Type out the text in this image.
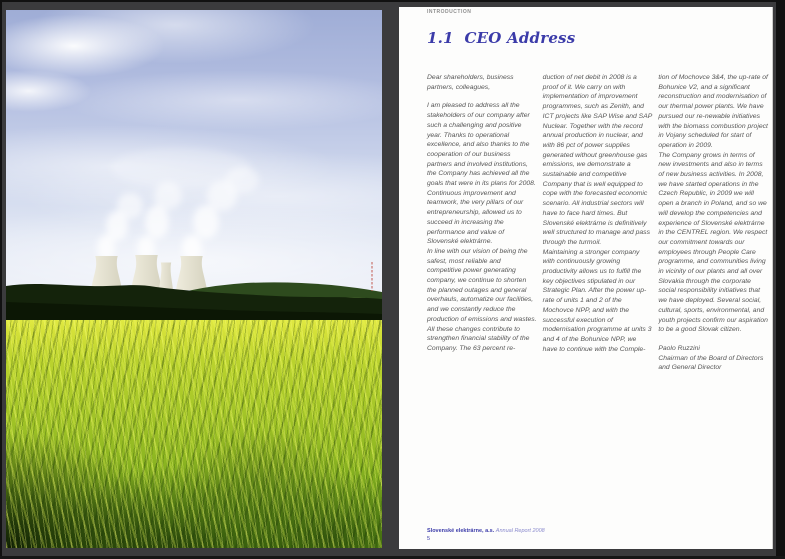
INTRODUCTION
1.1  CEO Address

Dear shareholders, business partners, colleagues,

I am pleased to address all the stakeholders of our company after such a challenging and positive year. Thanks to operational excellence, and also thanks to the cooperation of our business partners and involved institutions, the Company has achieved all the goals that were in its plans for 2008. Continuous improvement and teamwork, the very pillars of our entrepreneurship, allowed us to succeed in increasing the performance and value of Slovenské elektrárne.

In line with our vision of being the safest, most reliable and competitive power generating company, we continue to shorten the planned outages and general overhauls, automatize our facilities, and we constantly reduce the production of emissions and wastes. All these changes contribute to strengthen financial stability of the Company. The 63 percent re-

duction of net debit in 2008 is a proof of it. We carry on with implementation of improvement programmes, such as Zenith, and ICT projects like SAP Wise and SAP Nuclear. Together with the record annual production in nuclear, and with 86 pct of power supplies generated without greenhouse gas emissions, we demonstrate a sustainable and competitive Company that is well equipped to cope with the forecasted economic scenario. All industrial sectors will have to face hard times. But Slovenské elektrárne is definitively well structured to manage and pass through the turmoil.

Maintaining a stronger company with continuously growing productivity allows us to fulfill the key objectives stipulated in our Strategic Plan. After the power up-rate of units 1 and 2 of the Mochovce NPP, and with the successful execution of modernisation programme at units 3 and 4 of the Bohunice NPP, we have to continue with the Comple-

tion of Mochovce 3&4, the up-rate of Bohunice V2, and a significant reconstruction and modernisation of our thermal power plants. We have pursued our re-newable initiatives with the biomass combustion project in Vojany scheduled for start of operation in 2009.

The Company grows in terms of new investments and also in terms of new business activities. In 2008, we have started operations in the Czech Republic, in 2009 we will open a branch in Poland, and so we will develop the competencies and experience of Slovenské elektrárne in the CENTREL region. We respect our commitment towards our employees through People Care programme, and communities living in vicinity of our plants and all over Slovakia through the corporate social responsibility initiatives that we have deployed. Several social, cultural, sports, environmental, and youth projects confirm our aspiration to be a good Slovak citizen.

Paolo Ruzzini
Chairman of the Board of Directors
and General Director
Slovenské elektrárne, a.s. Annual Report 2008
5
